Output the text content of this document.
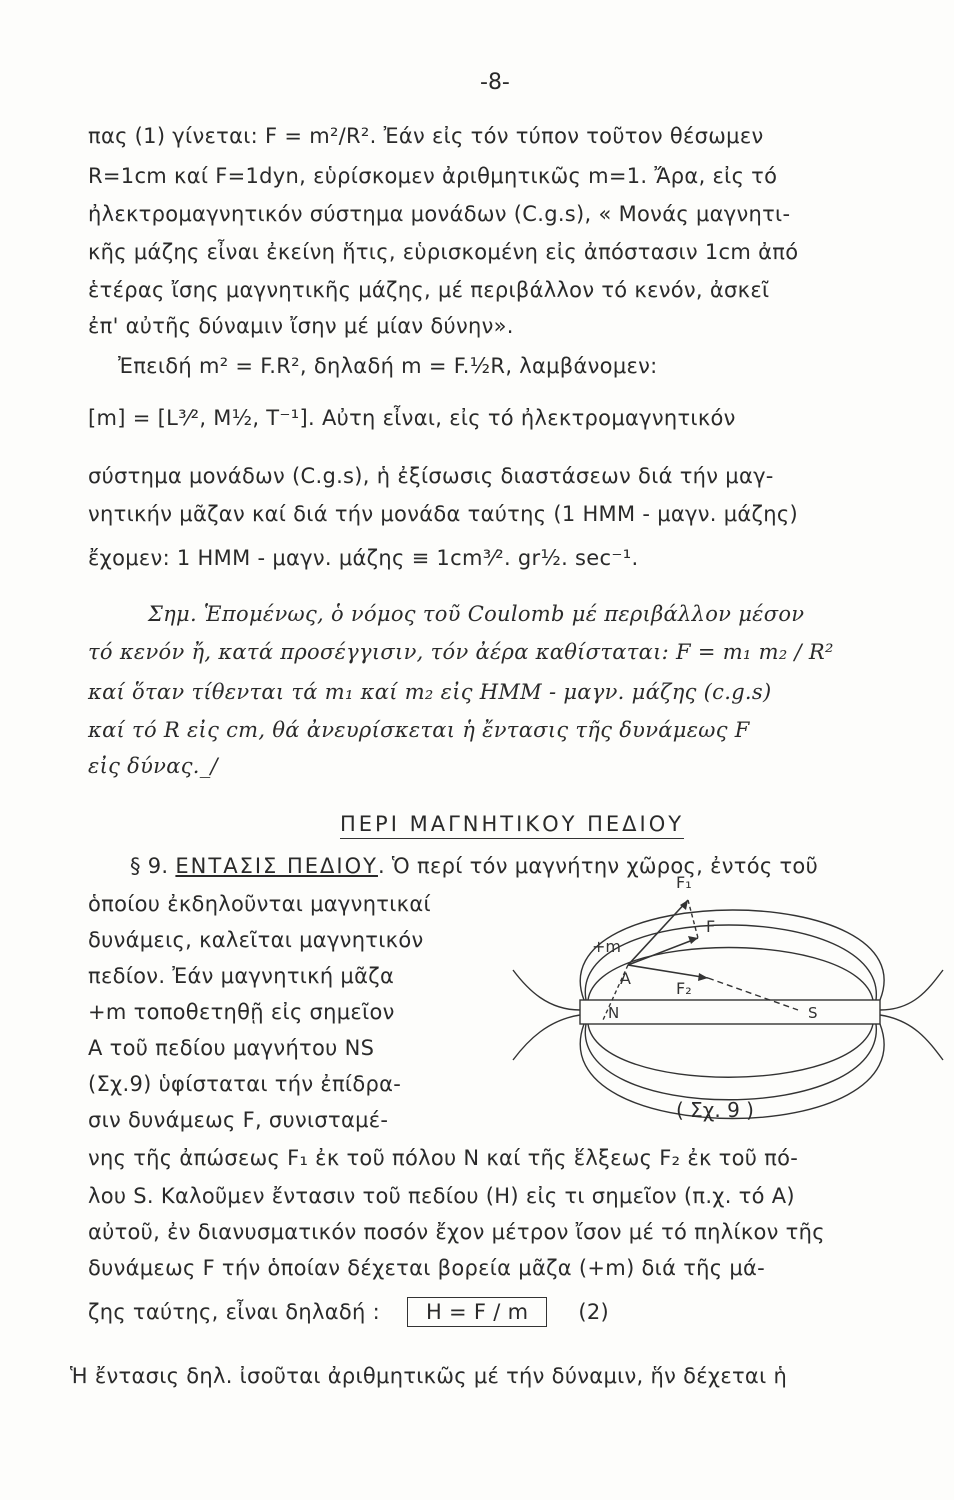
-8-
πας (1) γίνεται: F = m²/R². Ἐάν εἰς τόν τύπον τοῦτον θέσωμεν
R=1cm καί F=1dyn, εὑρίσκομεν ἀριθμητικῶς m=1. Ἄρα, εἰς τό
ἠλεκτρομαγνητικόν σύστημα μονάδων (C.g.s), « Μονάς μαγνητι-
κῆς μάζης εἶναι ἐκείνη ἥτις, εὑρισκομένη εἰς ἀπόστασιν 1cm ἀπό
ἑτέρας ἴσης μαγνητικῆς μάζης, μέ περιβάλλον τό κενόν, ἀσκεῖ
ἐπ' αὐτῆς δύναμιν ἴσην μέ μίαν δύνην».
Ἐπειδή m² = F.R², δηλαδή m = F.½R, λαμβάνομεν:
[m] = [L³⁄², M½, T⁻¹]. Αὐτη εἶναι, εἰς τό ἠλεκτρομαγνητικόν
σύστημα μονάδων (C.g.s), ἡ ἐξίσωσις διαστάσεων διά τήν μαγ-
νητικήν μᾶζαν καί διά τήν μονάδα ταύτης (1 HMM - μαγν. μάζης)
ἔχομεν: 1 HMM - μαγν. μάζης ≡ 1cm³⁄². gr½. sec⁻¹.
Σημ. Ἑπομένως, ὁ νόμος τοῦ Coulomb μέ περιβάλλον μέσον
τό κενόν ἤ, κατά προσέγγισιν, τόν ἀέρα καθίσταται: F = m₁ m₂ / R²
καί ὅταν τίθενται τά m₁ καί m₂ εἰς HMM - μαγν. μάζης (c.g.s)
καί τό R εἰς cm, θά ἀνευρίσκεται ἡ ἔντασις τῆς δυνάμεως F
εἰς δύνας._/
ΠΕΡΙ ΜΑΓΝΗΤΙΚΟΥ ΠΕΔΙΟΥ
§ 9. ΕΝΤΑΣΙΣ ΠΕΔΙΟΥ. Ὁ περί τόν μαγνήτην χῶρος, ἐντός τοῦ
ὁποίου ἐκδηλοῦνται μαγνητικαί
δυνάμεις, καλεῖται μαγνητικόν
πεδίον. Ἐάν μαγνητική μᾶζα
+m τοποθετηθῇ εἰς σημεῖον
A τοῦ πεδίου μαγνήτου NS
(Σχ.9) ὑφίσταται τήν ἐπίδρα-
σιν δυνάμεως F, συνισταμέ-
F₁
F
F₂
+m
A
N	S
( Σχ. 9 )
νης τῆς ἀπώσεως F₁ ἐκ τοῦ πόλου N καί τῆς ἕλξεως F₂ ἐκ τοῦ πό-
λου S. Καλοῦμεν ἔντασιν τοῦ πεδίου (H) εἰς τι σημεῖον (π.χ. τό A)
αὐτοῦ, ἐν διανυσματικόν ποσόν ἔχον μέτρον ἴσον μέ τό πηλίκον τῆς
δυνάμεως F τήν ὁποίαν δέχεται βορεία μᾶζα (+m) διά τῆς μά-
ζης ταύτης, εἶναι δηλαδή : H = F / m (2)
Ἡ ἔντασις δηλ. ἰσοῦται ἀριθμητικῶς μέ τήν δύναμιν, ἥν δέχεται ἡ
